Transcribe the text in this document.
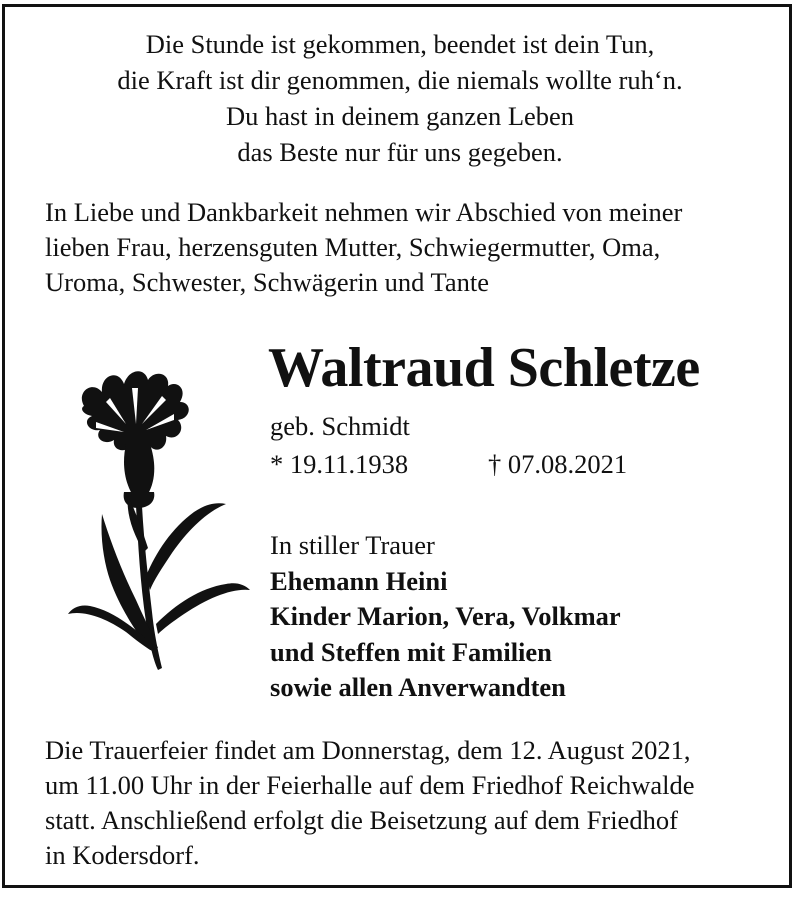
Die Stunde ist gekommen, beendet ist dein Tun,
die Kraft ist dir genommen, die niemals wollte ruh‘n.
Du hast in deinem ganzen Leben
das Beste nur für uns gegeben.
In Liebe und Dankbarkeit nehmen wir Abschied von meiner
lieben Frau, herzensguten Mutter, Schwiegermutter, Oma,
Uroma, Schwester, Schwägerin und Tante
Waltraud Schletze
geb. Schmidt
* 19.11.1938	† 07.08.2021
In stiller Trauer
Ehemann Heini
Kinder Marion, Vera, Volkmar
und Steffen mit Familien
sowie allen Anverwandten
Die Trauerfeier findet am Donnerstag, dem 12. August 2021,
um 11.00 Uhr in der Feierhalle auf dem Friedhof Reichwalde
statt. Anschließend erfolgt die Beisetzung auf dem Friedhof
in Kodersdorf.
